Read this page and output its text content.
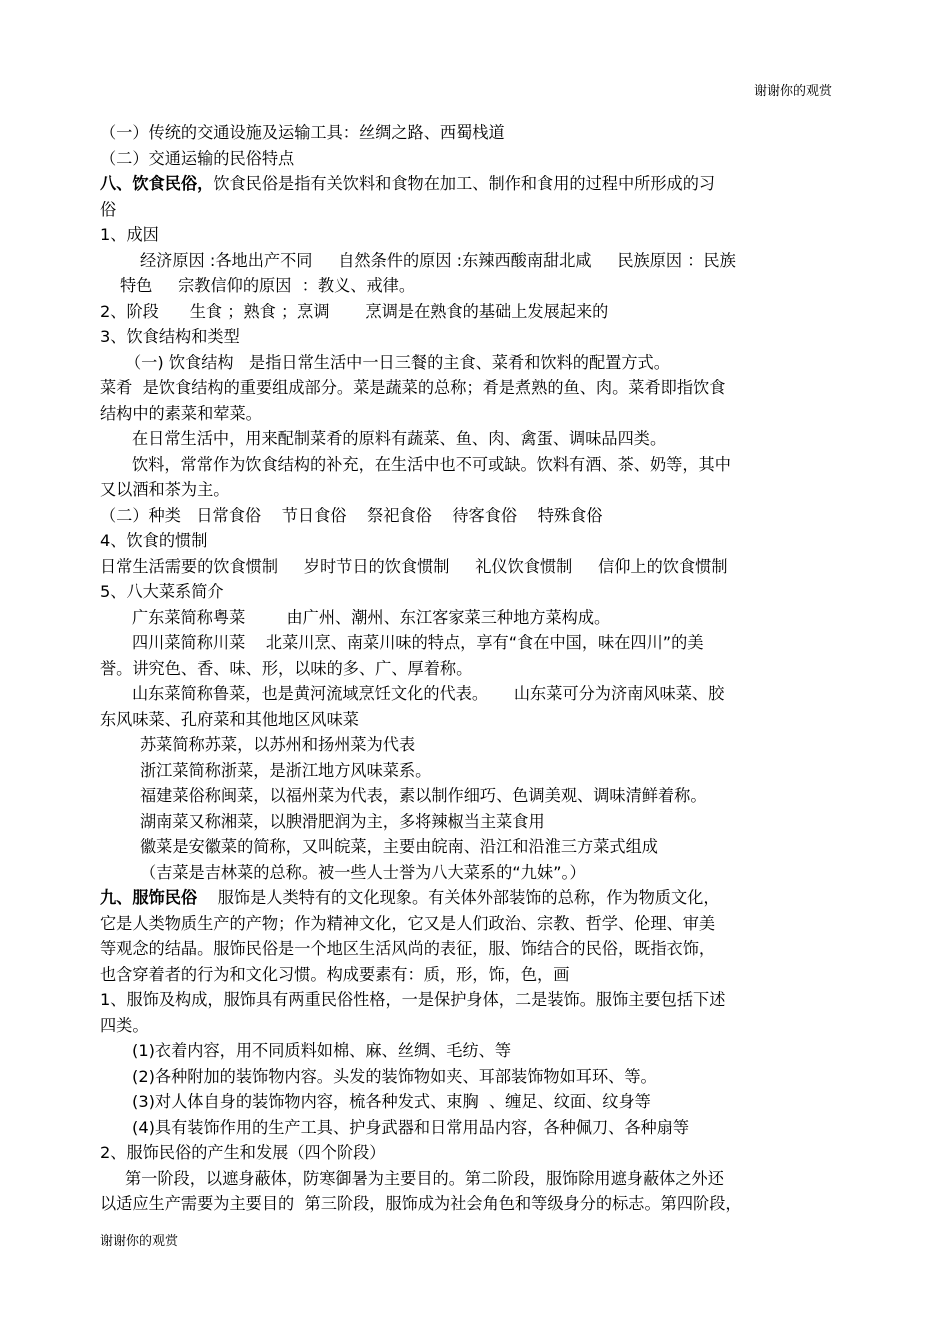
谢谢你的观赏
（一）传统的交通设施及运输工具：丝绸之路、西蜀栈道
（二）交通运输的民俗特点
八、饮食民俗，饮食民俗是指有关饮料和食物在加工、制作和食用的过程中所形成的习
俗
1、成因
经济原因 :各地出产不同     自然条件的原因 :东辣西酸南甜北咸     民族原因 ：民族
特色     宗教信仰的原因  ：教义、戒律。
2、阶段      生食 ；熟食 ；烹调       烹调是在熟食的基础上发展起来的
3、饮食结构和类型
（一) 饮食结构   是指日常生活中一日三餐的主食、菜肴和饮料的配置方式。
菜肴  是饮食结构的重要组成部分。菜是蔬菜的总称；肴是煮熟的鱼、肉。菜肴即指饮食
结构中的素菜和荤菜。
在日常生活中，用来配制菜肴的原料有蔬菜、鱼、肉、禽蛋、调味品四类。
饮料，常常作为饮食结构的补充，在生活中也不可或缺。饮料有酒、茶、奶等，其中
又以酒和茶为主。
（二）种类   日常食俗    节日食俗    祭祀食俗    待客食俗    特殊食俗
4、饮食的惯制
日常生活需要的饮食惯制     岁时节日的饮食惯制     礼仪饮食惯制     信仰上的饮食惯制
5、八大菜系简介
广东菜简称粤菜        由广州、潮州、东江客家菜三种地方菜构成。
四川菜简称川菜    北菜川烹、南菜川味的特点，享有“食在中国，味在四川”的美
誉。讲究色、香、味、形，以味的多、广、厚着称。
山东菜简称鲁菜，也是黄河流域烹饪文化的代表。     山东菜可分为济南风味菜、胶
东风味菜、孔府菜和其他地区风味菜
苏菜简称苏菜，以苏州和扬州菜为代表
浙江菜简称浙菜，是浙江地方风味菜系。
福建菜俗称闽菜，以福州菜为代表，素以制作细巧、色调美观、调味清鲜着称。
湖南菜又称湘菜，以腴滑肥润为主，多将辣椒当主菜食用
徽菜是安徽菜的简称，又叫皖菜，主要由皖南、沿江和沿淮三方菜式组成
（吉菜是吉林菜的总称。被一些人士誉为八大菜系的“九妹”。）
九、服饰民俗    服饰是人类特有的文化现象。有关体外部装饰的总称，作为物质文化，
它是人类物质生产的产物；作为精神文化，它又是人们政治、宗教、哲学、伦理、审美
等观念的结晶。服饰民俗是一个地区生活风尚的表征，服、饰结合的民俗，既指衣饰，
也含穿着者的行为和文化习惯。构成要素有：质，形，饰，色，画
1、服饰及构成，服饰具有两重民俗性格，一是保护身体，二是装饰。服饰主要包括下述
四类。
(1)衣着内容，用不同质料如棉、麻、丝绸、毛纺、等
(2)各种附加的装饰物内容。头发的装饰物如夹、耳部装饰物如耳环、等。
(3)对人体自身的装饰物内容，梳各种发式、束胸  、缠足、纹面、纹身等
(4)具有装饰作用的生产工具、护身武器和日常用品内容，各种佩刀、各种扇等
2、服饰民俗的产生和发展（四个阶段）
第一阶段，以遮身蔽体，防寒御暑为主要目的。第二阶段，服饰除用遮身蔽体之外还
以适应生产需要为主要目的  第三阶段，服饰成为社会角色和等级身分的标志。第四阶段，
谢谢你的观赏
